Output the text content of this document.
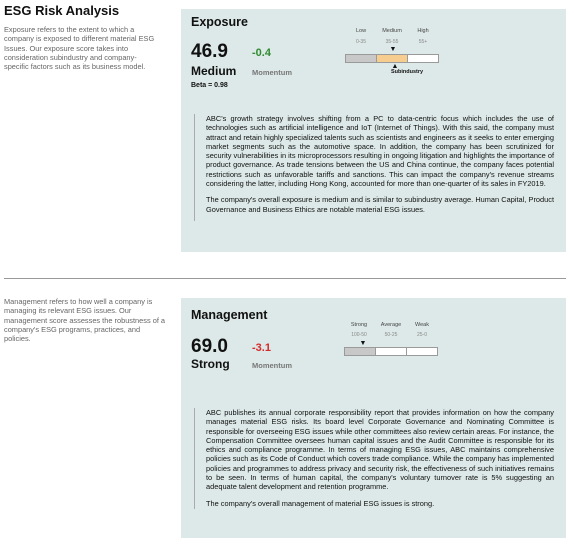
ESG Risk Analysis
Exposure refers to the extent to which a company is exposed to different material ESG Issues. Our exposure score takes into consideration subindustry and company-specific factors such as its business model.
Exposure
46.9 -0.4
Medium Momentum
Beta = 0.98
Low	Medium	High
0-35	35-55	55+
▼
▲
Subindustry

ABC's growth strategy involves shifting from a PC to data-centric focus which includes the use of technologies such as artificial intelligence and IoT (Internet of Things). With this said, the company must attract and retain highly specialized talents such as scientists and engineers as it seeks to enter emerging market segments such as the automotive space. In addition, the company has been scrutinized for security vulnerabilities in its microprocessors resulting in ongoing litigation and highlights the importance of product governance. As trade tensions between the US and China continue, the company faces potential restrictions such as unfavorable tariffs and sanctions. This can impact the company's revenue streams considering the latter, including Hong Kong, accounted for more than one-quarter of its sales in FY2019.

The company's overall exposure is medium and is similar to subindustry average. Human Capital, Product Governance and Business Ethics are notable material ESG issues.

Management refers to how well a company is managing its relevant ESG issues. Our management score assesses the robustness of a company's ESG programs, practices, and policies.
Management
69.0 -3.1
Strong	Momentum
Strong	Average	Weak
100-50	50-25	25-0
▼

ABC publishes its annual corporate responsibility report that provides information on how the company manages material ESG risks. Its board level Corporate Governance and Nominating Committee is responsible for overseeing ESG issues while other committees also review certain areas. For instance, the Compensation Committee oversees human capital issues and the Audit Committee is responsible for its ethics and compliance programme. In terms of managing ESG issues, ABC maintains comprehensive policies such as its Code of Conduct which covers trade compliance. While the company has implemented policies and programmes to address privacy and security risk, the effectiveness of such initiatives remains to be seen. In terms of human capital, the company's voluntary turnover rate is 5% suggesting an adequate talent development and retention programme.

The company's overall management of material ESG issues is strong.
